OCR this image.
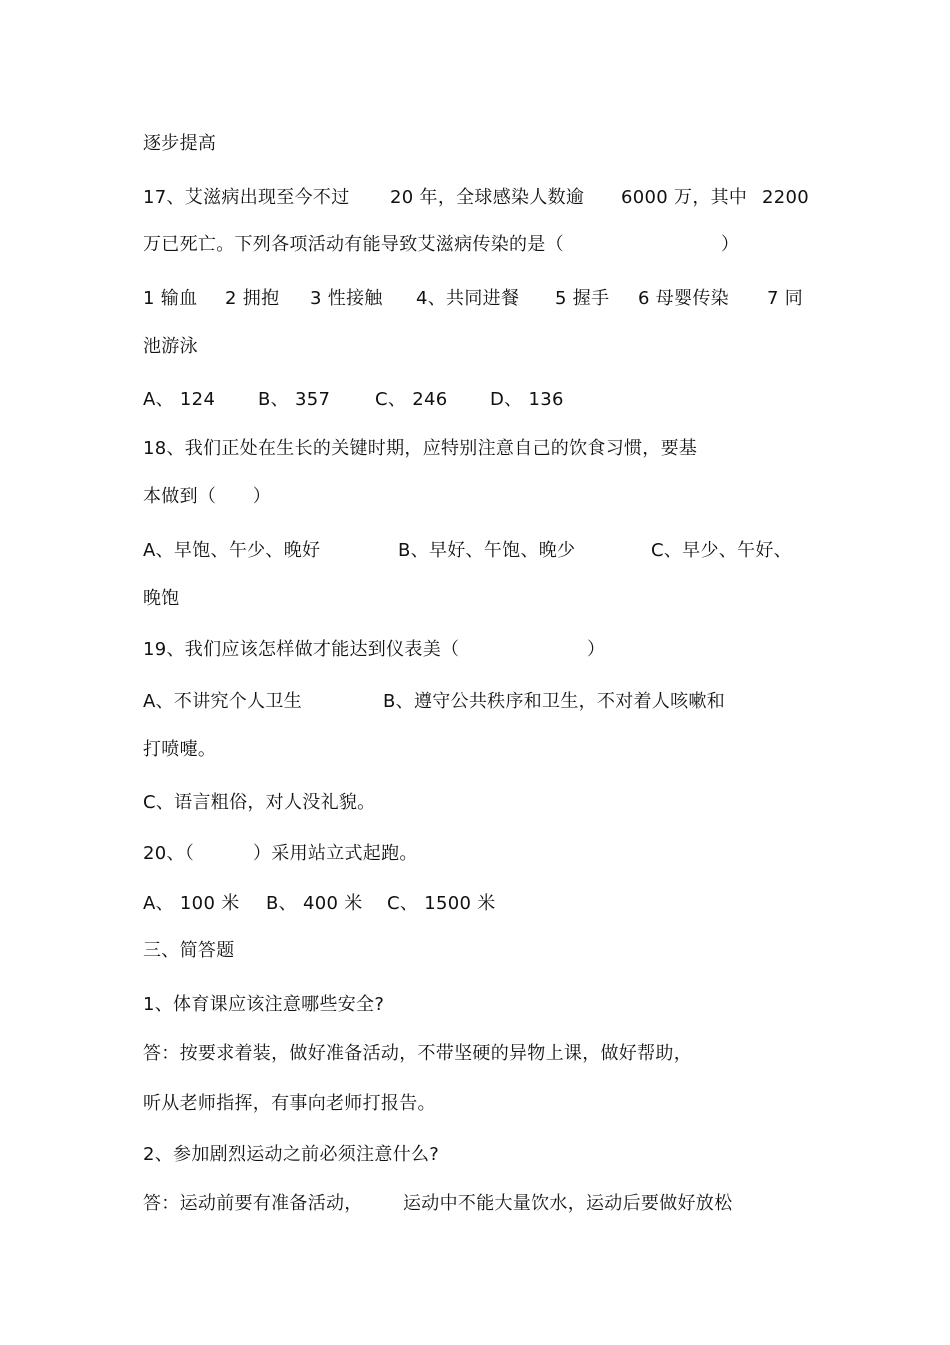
逐步提高

17、艾滋病出现至今不过

20 年，全球感染人数逾

6000 万，其中

2200

万已死亡。下列各项活动有能导致艾滋病传染的是（

	）

1 输血

2 拥抱

3 性接触

4、共同进餐

5 握手

6 母婴传染

7 同

池游泳

A、 124

B、 357

C、 246

D、 136

18、我们正处在生长的关键时期，应特别注意自己的饮食习惯，要基
本做到（　　）

A、早饱、午少、晚好

	B、早好、午饱、晚少

	C、早少、午好、

晚饱

19、我们应该怎样做才能达到仪表美（

	）

A、不讲究个人卫生

	B、遵守公共秩序和卫生，不对着人咳嗽和

打喷嚏。
C、语言粗俗，对人没礼貌。

20、（

	）采用站立式起跑。

A、 100 米

B、 400 米

C、 1500 米

三、简答题
1、体育课应该注意哪些安全?
答：按要求着装，做好准备活动，不带坚硬的异物上课，做好帮助，
听从老师指挥，有事向老师打报告。
2、参加剧烈运动之前必须注意什么?

答：运动前要有准备活动，

运动中不能大量饮水，运动后要做好放松
